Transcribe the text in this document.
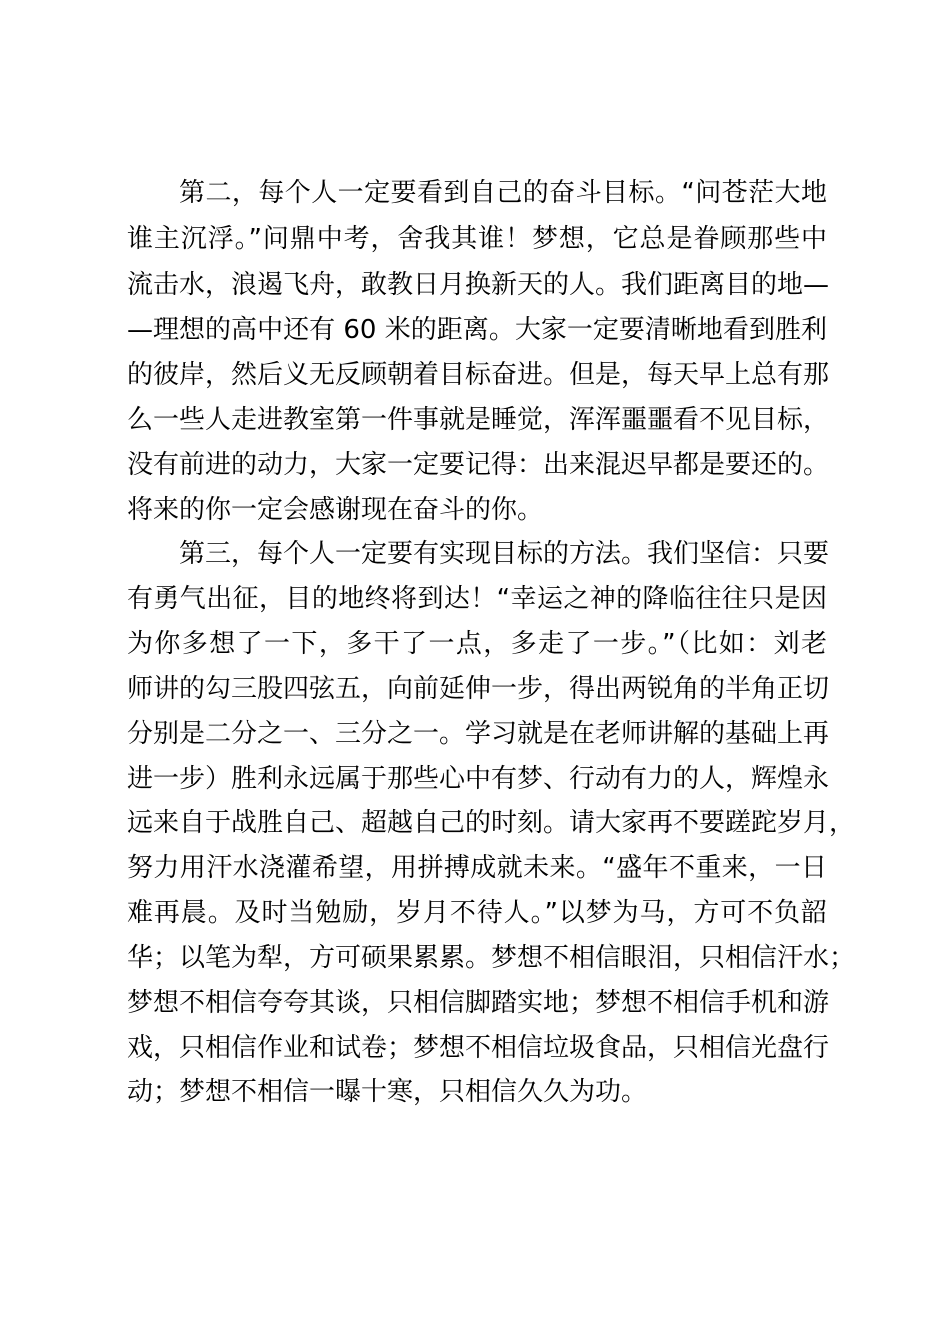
第二，每个人一定要看到自己的奋斗目标。“问苍茫大地
谁主沉浮。”问鼎中考，舍我其谁！梦想，它总是眷顾那些中
流击水，浪遏飞舟，敢教日月换新天的人。我们距离目的地—
—理想的高中还有 60 米的距离。大家一定要清晰地看到胜利
的彼岸，然后义无反顾朝着目标奋进。但是，每天早上总有那
么一些人走进教室第一件事就是睡觉，浑浑噩噩看不见目标，
没有前进的动力，大家一定要记得：出来混迟早都是要还的。
将来的你一定会感谢现在奋斗的你。
第三，每个人一定要有实现目标的方法。我们坚信：只要
有勇气出征，目的地终将到达！“幸运之神的降临往往只是因
为你多想了一下，多干了一点，多走了一步。”（比如：刘老
师讲的勾三股四弦五，向前延伸一步，得出两锐角的半角正切
分别是二分之一、三分之一。学习就是在老师讲解的基础上再
进一步）胜利永远属于那些心中有梦、行动有力的人，辉煌永
远来自于战胜自己、超越自己的时刻。请大家再不要蹉跎岁月，
努力用汗水浇灌希望，用拼搏成就未来。“盛年不重来，一日
难再晨。及时当勉励，岁月不待人。”以梦为马，方可不负韶
华；以笔为犁，方可硕果累累。梦想不相信眼泪，只相信汗水；
梦想不相信夸夸其谈，只相信脚踏实地；梦想不相信手机和游
戏，只相信作业和试卷；梦想不相信垃圾食品，只相信光盘行
动；梦想不相信一曝十寒，只相信久久为功。
